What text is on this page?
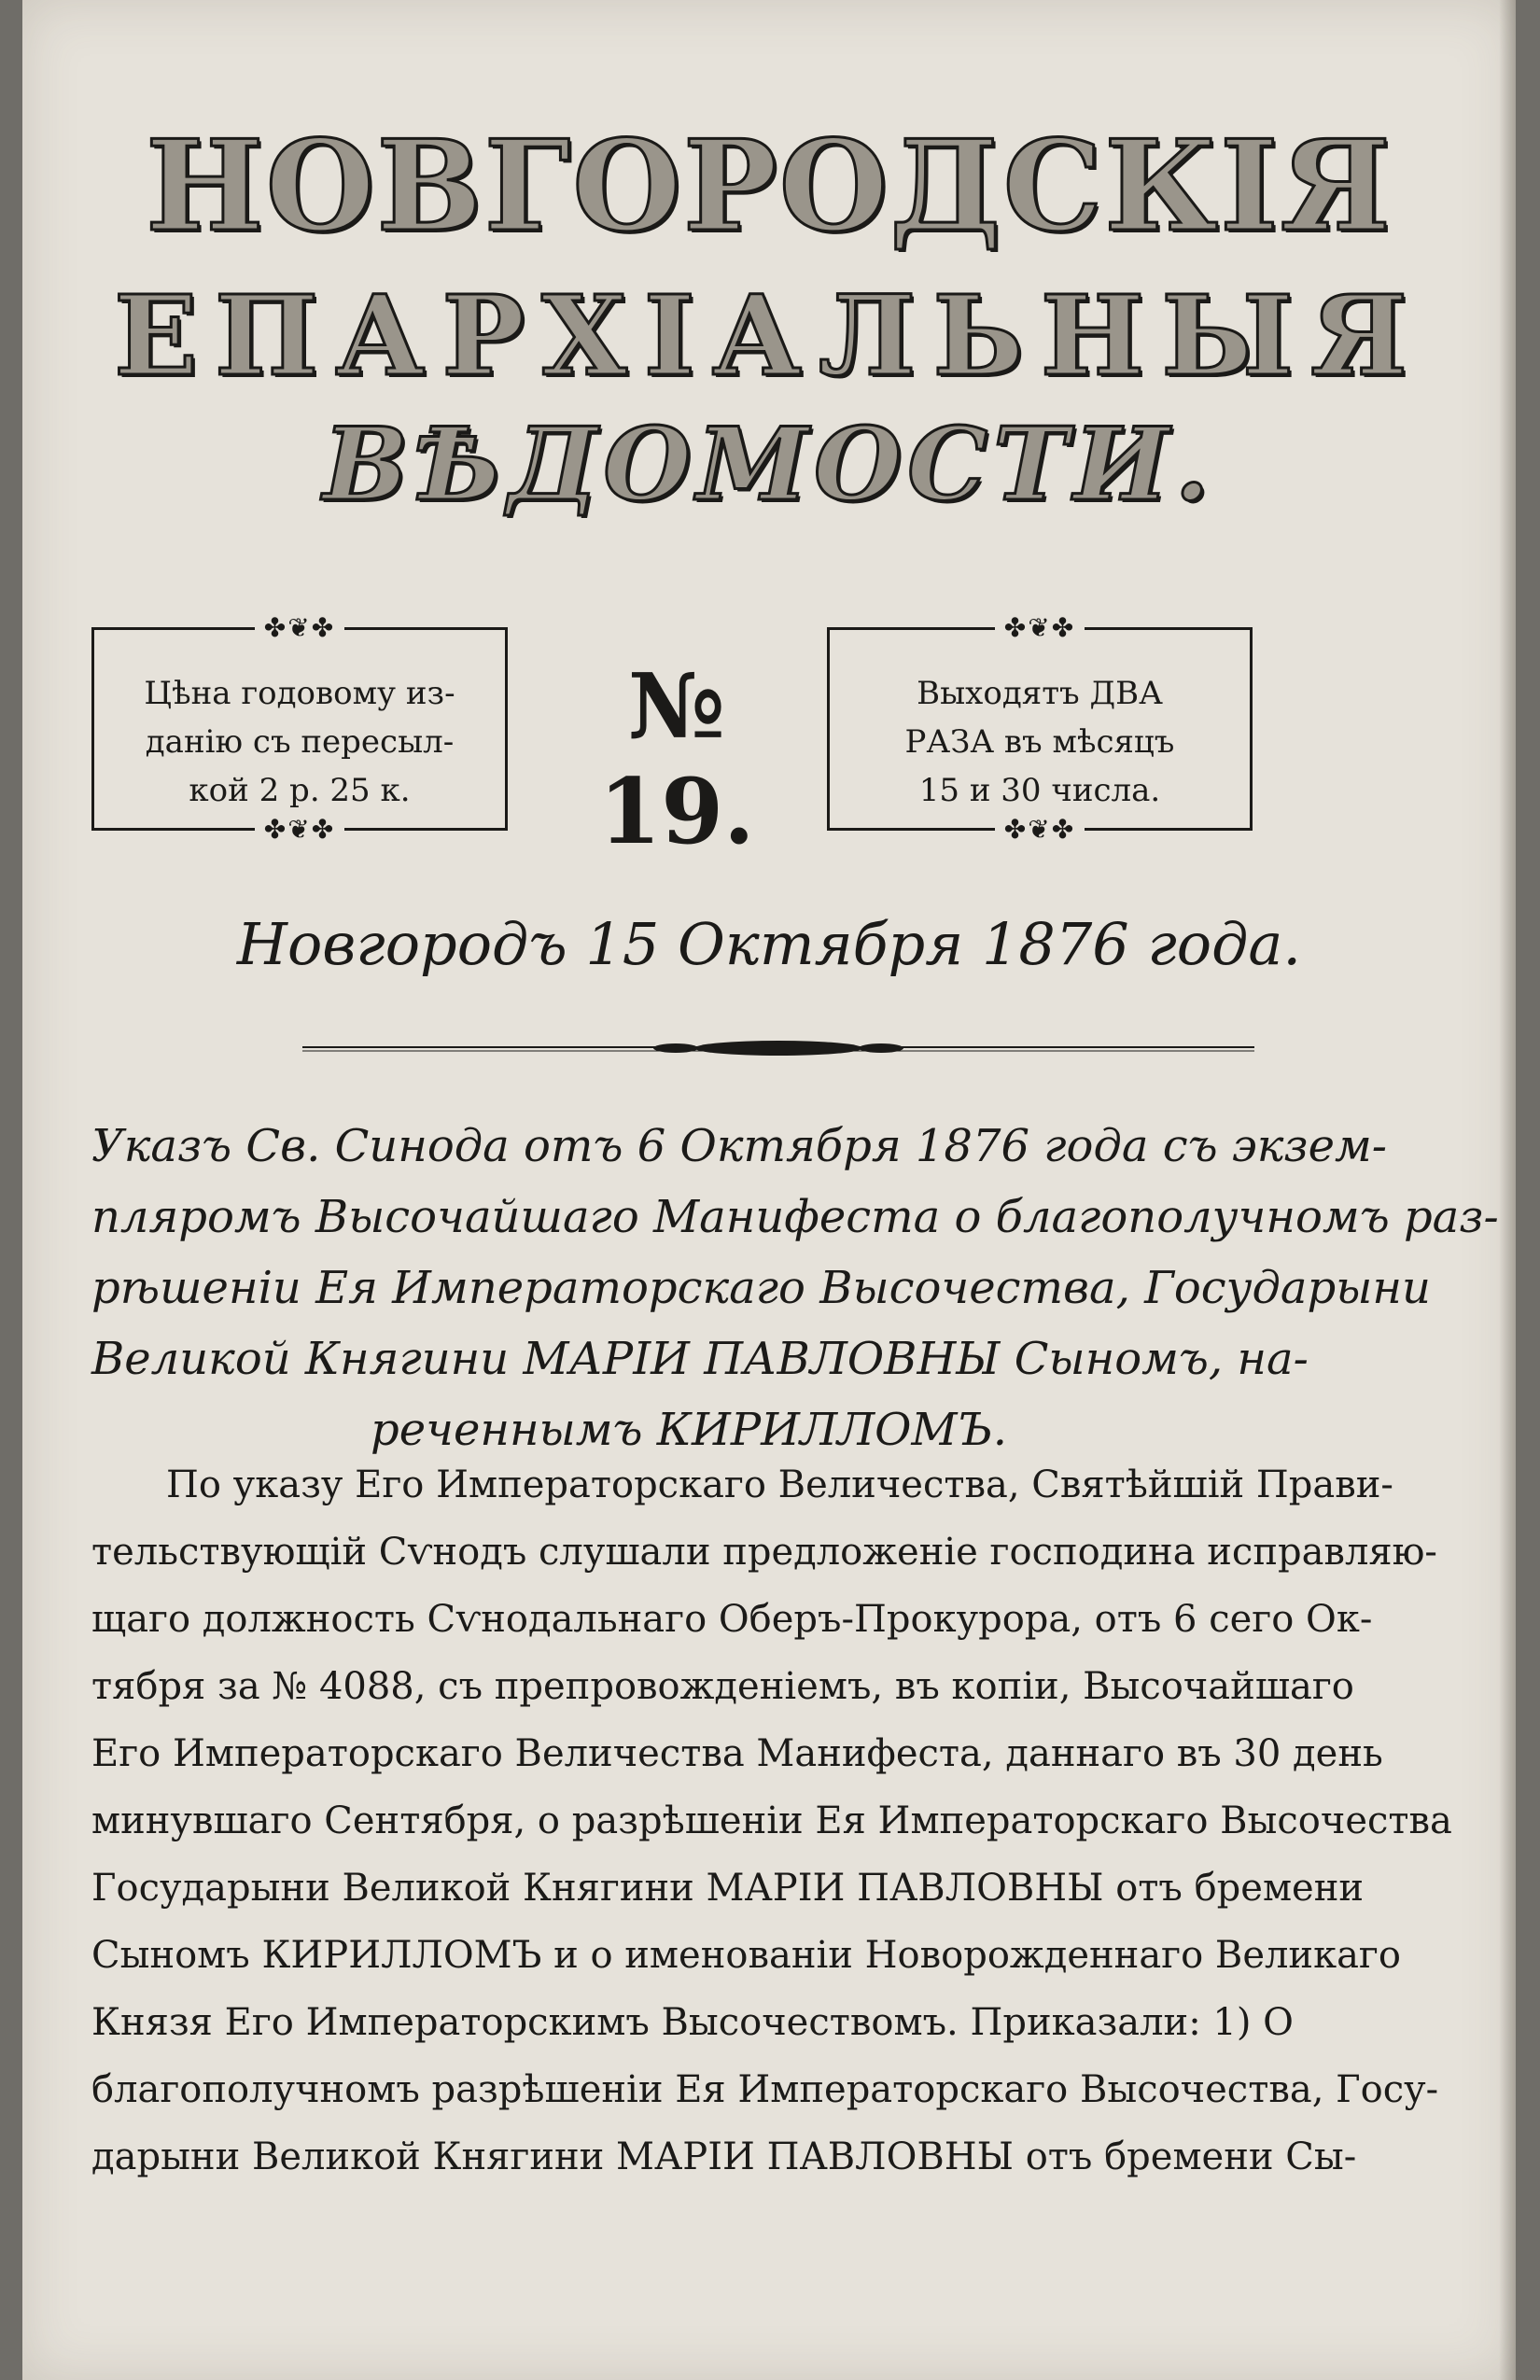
НОВГОРОДСКІЯ
ЕПАРХІАЛЬНЫЯ
ВѢДОМОСТИ.
✤❦✤
Цѣна годовому из-
данію съ пересыл-
кой 2 р. 25 к.
✤❦✤
№ 19.
✤❦✤
Выходятъ ДВА
РАЗА въ мѣсяцъ
15 и 30 числа.
✤❦✤
Новгородъ 15 Октября 1876 года.
Указъ Св. Синода отъ 6 Октября 1876 года съ экзем-
пляромъ Высочайшаго Манифеста о благополучномъ раз-
рѣшеніи Ея Императорскаго Высочества, Государыни
Великой Княгини МАРІИ ПАВЛОВНЫ Сыномъ, на-
реченнымъ КИРИЛЛОМЪ.
По указу Его Императорскаго Величества, Святѣйшій Прави-
тельствующій Сѵнодъ слушали предложеніе господина исправляю-
щаго должность Сѵнодальнаго Оберъ-Прокурора, отъ 6 сего Ок-
тября за № 4088, съ препровожденіемъ, въ копіи, Высочайшаго
Его Императорскаго Величества Манифеста, даннаго въ 30 день
минувшаго Сентября, о разрѣшеніи Ея Императорскаго Высочества
Государыни Великой Княгини МАРІИ ПАВЛОВНЫ отъ бремени
Сыномъ КИРИЛЛОМЪ и о именованіи Новорожденнаго Великаго
Князя Его Императорскимъ Высочествомъ. Приказали: 1) О
благополучномъ разрѣшеніи Ея Императорскаго Высочества, Госу-
дарыни Великой Княгини МАРІИ ПАВЛОВНЫ отъ бремени Сы-
